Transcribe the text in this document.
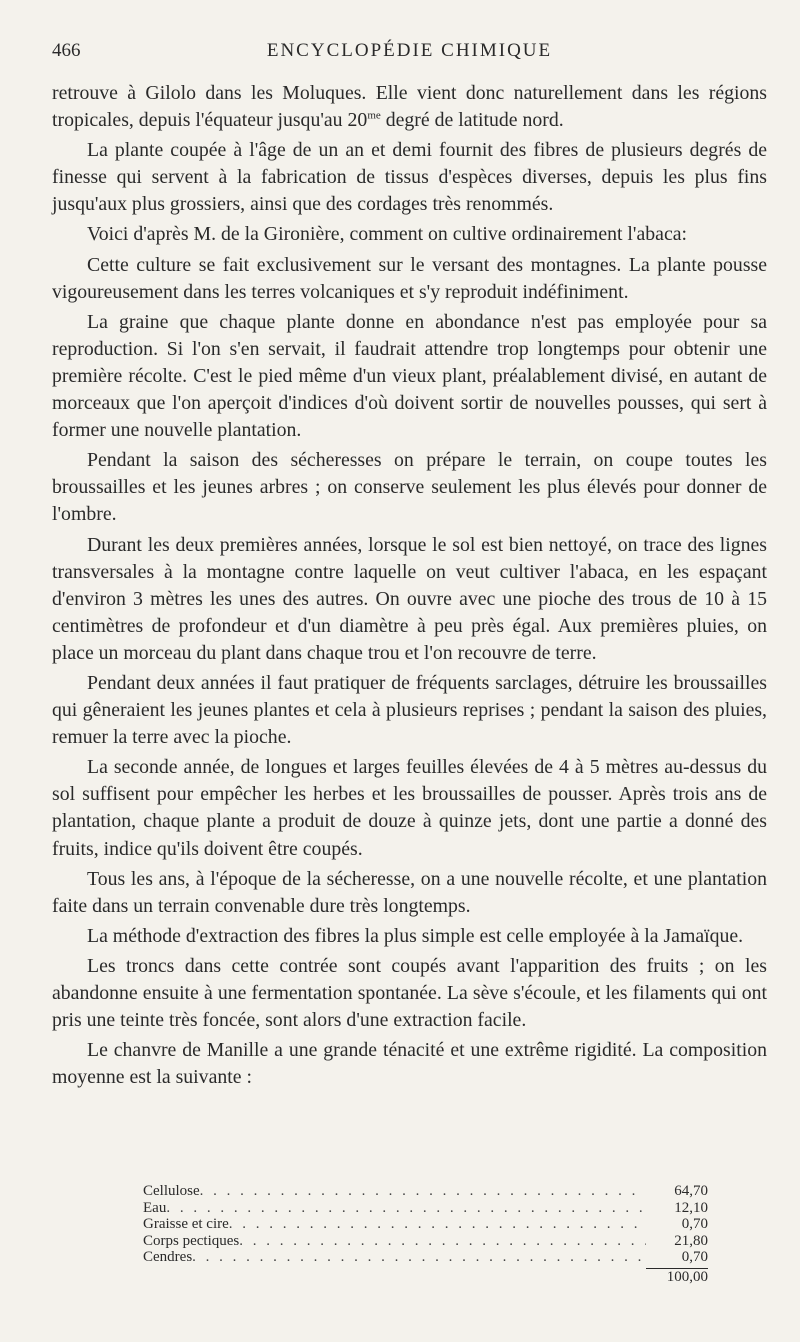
466	ENCYCLOPÉDIE CHIMIQUE

retrouve à Gilolo dans les Moluques. Elle vient donc naturellement dans les régions tropicales, depuis l'équateur jusqu'au $20^{me}$ degré de latitude nord.

La plante coupée à l'âge de un an et demi fournit des fibres de plusieurs degrés de finesse qui servent à la fabrication de tissus d'espèces diverses, depuis les plus fins jusqu'aux plus grossiers, ainsi que des cordages très renommés.

Voici d'après M. de la Gironière, comment on cultive ordinairement l'abaca:

Cette culture se fait exclusivement sur le versant des montagnes. La plante pousse vigoureusement dans les terres volcaniques et s'y reproduit indéfiniment.

La graine que chaque plante donne en abondance n'est pas employée pour sa reproduction. Si l'on s'en servait, il faudrait attendre trop longtemps pour obtenir une première récolte. C'est le pied même d'un vieux plant, préalablement divisé, en autant de morceaux que l'on aperçoit d'indices d'où doivent sortir de nouvelles pousses, qui sert à former une nouvelle plantation.

Pendant la saison des sécheresses on prépare le terrain, on coupe toutes les broussailles et les jeunes arbres ; on conserve seulement les plus élevés pour donner de l'ombre.

Durant les deux premières années, lorsque le sol est bien nettoyé, on trace des lignes transversales à la montagne contre laquelle on veut cultiver l'abaca, en les espaçant d'environ 3 mètres les unes des autres. On ouvre avec une pioche des trous de 10 à 15 centimètres de profondeur et d'un diamètre à peu près égal. Aux premières pluies, on place un morceau du plant dans chaque trou et l'on recouvre de terre.

Pendant deux années il faut pratiquer de fréquents sarclages, détruire les broussailles qui gêneraient les jeunes plantes et cela à plusieurs reprises ; pendant la saison des pluies, remuer la terre avec la pioche.

La seconde année, de longues et larges feuilles élevées de 4 à 5 mètres au-dessus du sol suffisent pour empêcher les herbes et les broussailles de pousser. Après trois ans de plantation, chaque plante a produit de douze à quinze jets, dont une partie a donné des fruits, indice qu'ils doivent être coupés.

Tous les ans, à l'époque de la sécheresse, on a une nouvelle récolte, et une plantation faite dans un terrain convenable dure très longtemps.

La méthode d'extraction des fibres la plus simple est celle employée à la Jamaïque.

Les troncs dans cette contrée sont coupés avant l'apparition des fruits ; on les abandonne ensuite à une fermentation spontanée. La sève s'écoule, et les filaments qui ont pris une teinte très foncée, sont alors d'une extraction facile.

Le chanvre de Manille a une grande ténacité et une extrême rigidité. La composition moyenne est la suivante :

Cellulose . . .	64,70
Eau . . .	12,10
Graisse et cire . . .	0,70
Corps pectiques . . .	21,80
Cendres . . .	0,70
100,00
